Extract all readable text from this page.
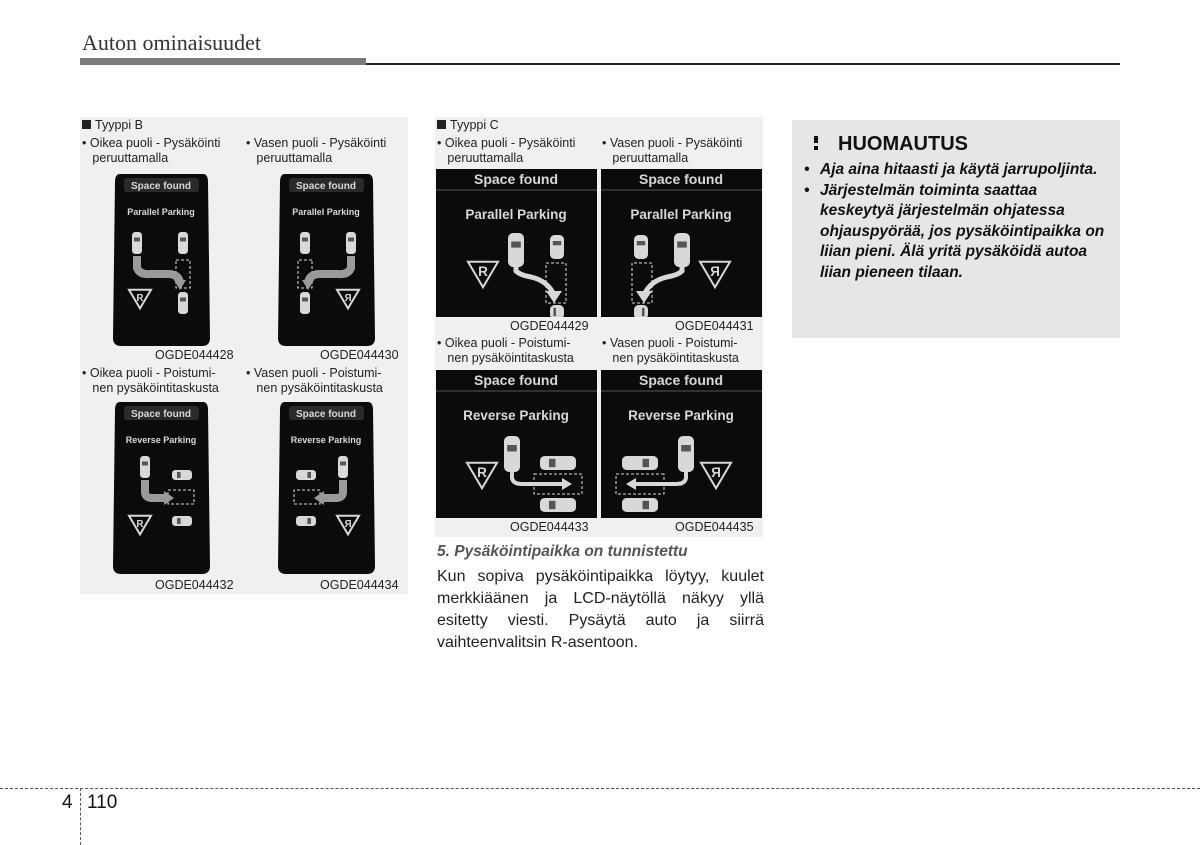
Auton ominaisuudet
Tyyppi B
• Oikea puoli - Pysäköinti
peruuttamalla
• Vasen puoli - Pysäköinti
peruuttamalla
Space found
Parallel Parking
R
Space found
Parallel Parking
R
OGDE044428	OGDE044430
• Oikea puoli - Poistumi-
nen pysäköintitaskusta
• Vasen puoli - Poistumi-
nen pysäköintitaskusta
Space found
Reverse Parking
R
Space found
Reverse Parking
R
OGDE044432	OGDE044434
Tyyppi C
• Oikea puoli - Pysäköinti
peruuttamalla
• Vasen puoli - Pysäköinti
peruuttamalla
Space found
Parallel Parking
R
Space found
Parallel Parking
R
OGDE044429	OGDE044431
• Oikea puoli - Poistumi-
nen pysäköintitaskusta
• Vasen puoli - Poistumi-
nen pysäköintitaskusta
Space found
Reverse Parking
R
Space found
Reverse Parking
R
OGDE044433	OGDE044435
5. Pysäköintipaikka on tunnistettu
Kun sopiva pysäköintipaikka löytyy, kuulet merkkiäänen ja LCD-näytöllä näkyy yllä esitetty viesti. Pysäytä auto ja siirrä vaihteenvalitsin R-asentoon.
HUOMAUTUS
• Aja aina hitaasti ja käytä jarrupoljinta.
• Järjestelmän toiminta saattaa keskeytyä järjestelmän ohjatessa ohjauspyörää, jos pysäköintipaikka on liian pieni. Älä yritä pysäköidä autoa liian pieneen tilaan.
4 110
